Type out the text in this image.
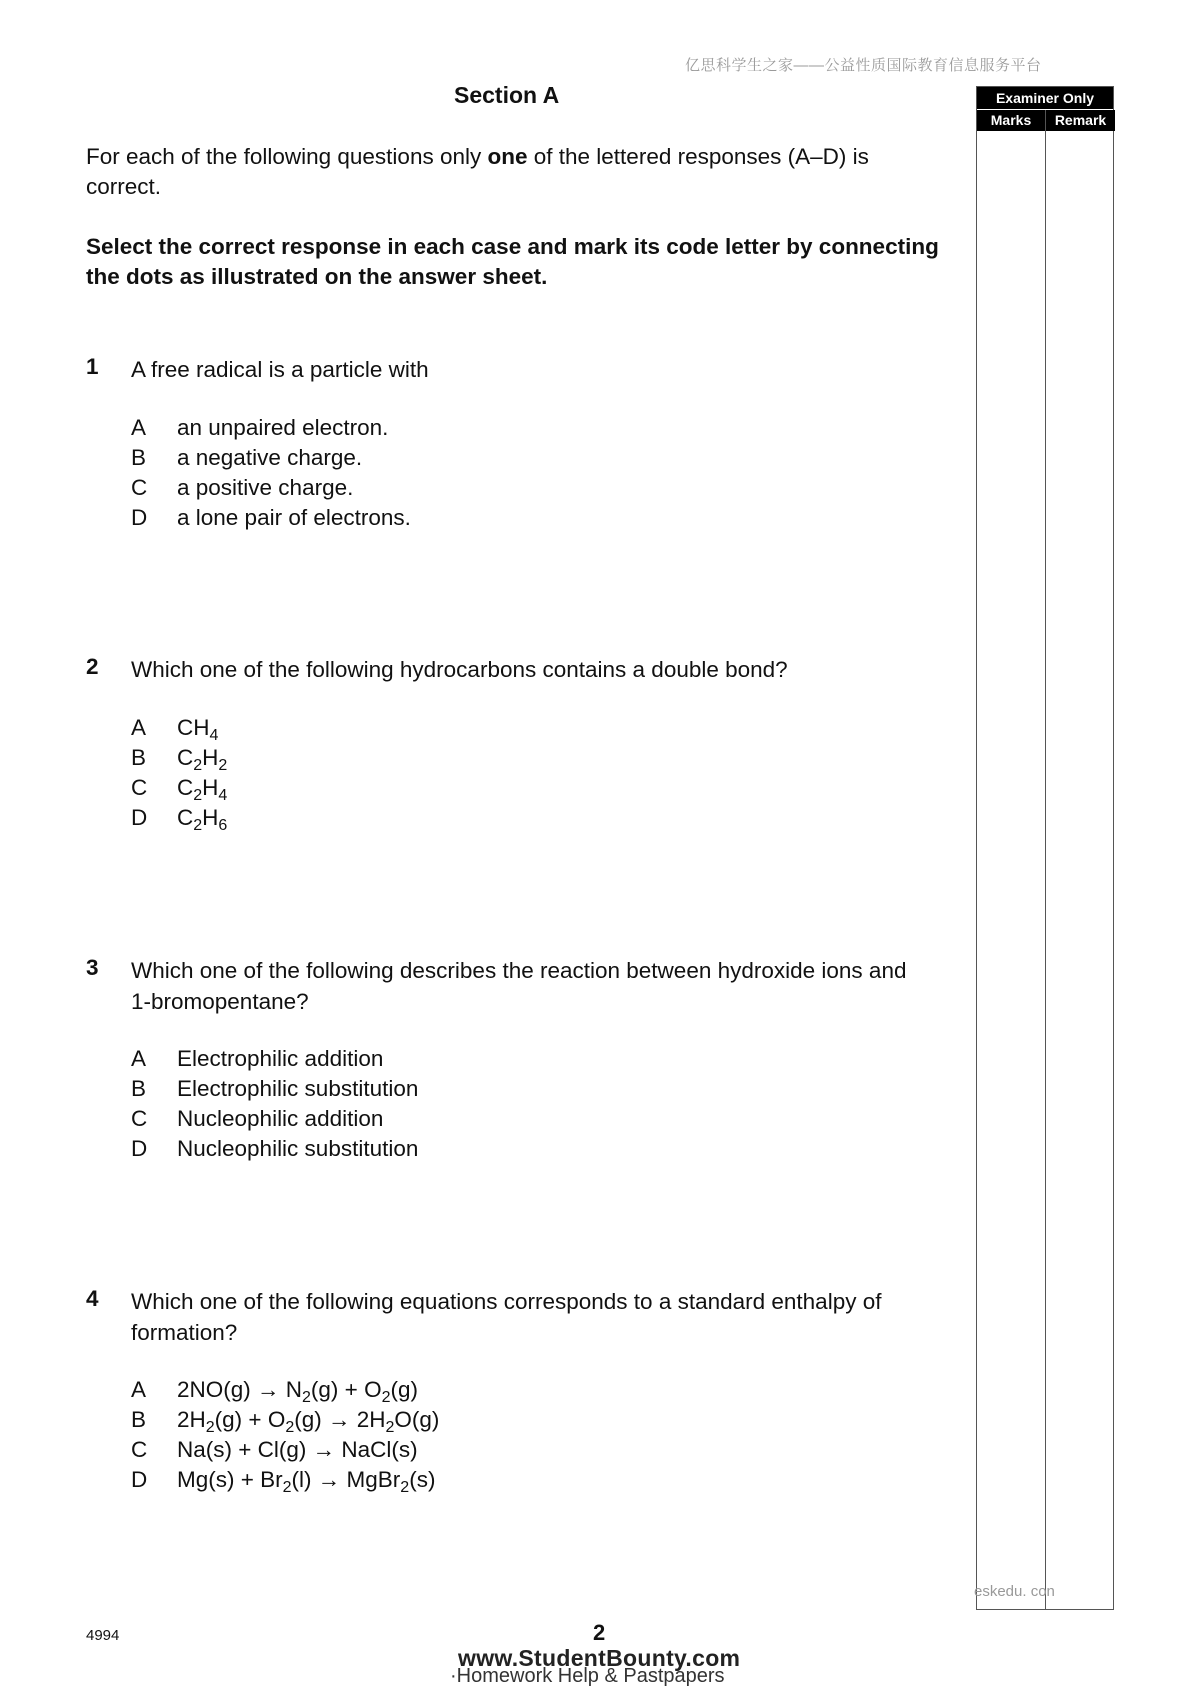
亿思科学生之家——公益性质国际教育信息服务平台
Section A
For each of the following questions only one of the lettered responses (A–D) is correct.
Select the correct response in each case and mark its code letter by connecting the dots as illustrated on the answer sheet.
Examiner Only
Marks	Remark
eskedu. con
1 A free radical is a particle with
A an unpaired electron.
B a negative charge.
C a positive charge.
D a lone pair of electrons.
2 Which one of the following hydrocarbons contains a double bond?
A $CH_4$
B $C_2H_2$
C $C_2H_4$
D $C_2H_6$
3 Which one of the following describes the reaction between hydroxide ions and 1-bromopentane?
A Electrophilic addition
B Electrophilic substitution
C Nucleophilic addition
D Nucleophilic substitution
4 Which one of the following equations corresponds to a standard enthalpy of formation?
A $2NO(g) \to N_2(g) + O_2(g)$
B $2H_2(g) + O_2(g) \to 2H_2O(g)$
C Na(s) + Cl(g) → NaCl(s)
D $Mg(s) + Br_2(l)$ → MgBr$_2$(s)
4994	2
www.StudentBounty.com
·Homework Help & Pastpapers
